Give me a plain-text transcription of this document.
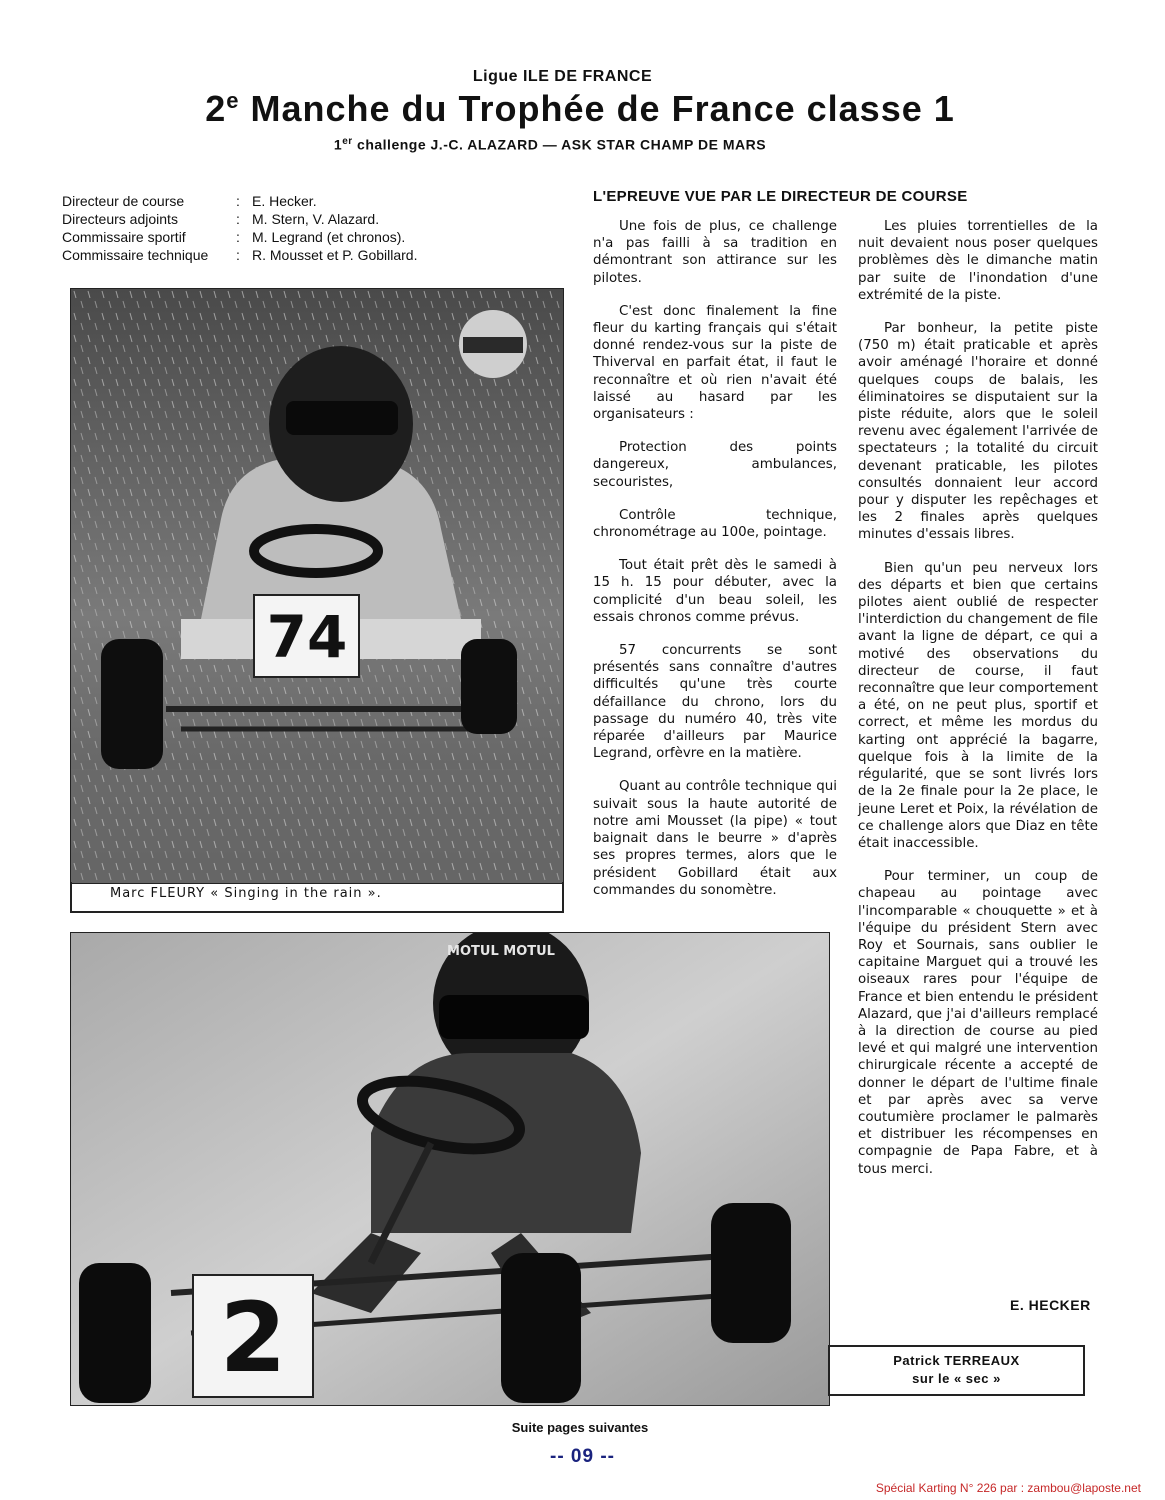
Ligue ILE DE FRANCE
2e Manche du Trophée de France classe 1
1er challenge J.-C. ALAZARD — ASK STAR CHAMP DE MARS
Directeur de course	: E. Hecker.
Directeurs adjoints	: M. Stern, V. Alazard.
Commissaire sportif	: M. Legrand (et chronos).
Commissaire technique	: R. Mousset et P. Gobillard.
74
Marc FLEURY « Singing in the rain ».
MOTUL MOTUL
2	Patrick TERREAUX
sur le « sec »
L'EPREUVE VUE PAR LE DIRECTEUR DE COURSE

Une fois de plus, ce challenge n'a pas failli à sa tradition en démontrant son attirance sur les pilotes.

C'est donc finalement la fine fleur du karting français qui s'était donné rendez-vous sur la piste de Thiverval en parfait état, il faut le reconnaître et où rien n'avait été laissé au hasard par les organisateurs :

Protection des points dangereux, ambulances, secouristes,

Contrôle technique, chronométrage au 100e, pointage.

Tout était prêt dès le samedi à 15 h. 15 pour débuter, avec la complicité d'un beau soleil, les essais chronos comme prévus.

57 concurrents se sont présentés sans connaître d'autres difficultés qu'une très courte défaillance du chrono, lors du passage du numéro 40, très vite réparée d'ailleurs par Maurice Legrand, orfèvre en la matière.

Quant au contrôle technique qui suivait sous la haute autorité de notre ami Mousset (la pipe) « tout baignait dans le beurre » d'après ses propres termes, alors que le président Gobillard était aux commandes du sonomètre.

Les pluies torrentielles de la nuit devaient nous poser quelques problèmes dès le dimanche matin par suite de l'inondation d'une extrémité de la piste.

Par bonheur, la petite piste (750 m) était praticable et après avoir aménagé l'horaire et donné quelques coups de balais, les éliminatoires se disputaient sur la piste réduite, alors que le soleil revenu avec également l'arrivée de spectateurs ; la totalité du circuit devenant praticable, les pilotes consultés donnaient leur accord pour y disputer les repêchages et les 2 finales après quelques minutes d'essais libres.

Bien qu'un peu nerveux lors des départs et bien que certains pilotes aient oublié de respecter l'interdiction du changement de file avant la ligne de départ, ce qui a motivé des observations du directeur de course, il faut reconnaître que leur comportement a été, on ne peut plus, sportif et correct, et même les mordus du karting ont apprécié la bagarre, quelque fois à la limite de la régularité, que se sont livrés lors de la 2e finale pour la 2e place, le jeune Leret et Poix, la révélation de ce challenge alors que Diaz en tête était inaccessible.

Pour terminer, un coup de chapeau au pointage avec l'incomparable « chouquette » et à l'équipe du président Stern avec Roy et Sournais, sans oublier le capitaine Marguet qui a trouvé les oiseaux rares pour l'équipe de France et bien entendu le président Alazard, que j'ai d'ailleurs remplacé à la direction de course au pied levé et qui malgré une intervention chirurgicale récente a accepté de donner le départ de l'ultime finale et par après avec sa verve coutumière proclamer le palmarès et distribuer les récompenses en compagnie de Papa Fabre, et à tous merci.

E. HECKER
Suite pages suivantes
-- 09 --
Spécial Karting N° 226 par : zambou@laposte.net
